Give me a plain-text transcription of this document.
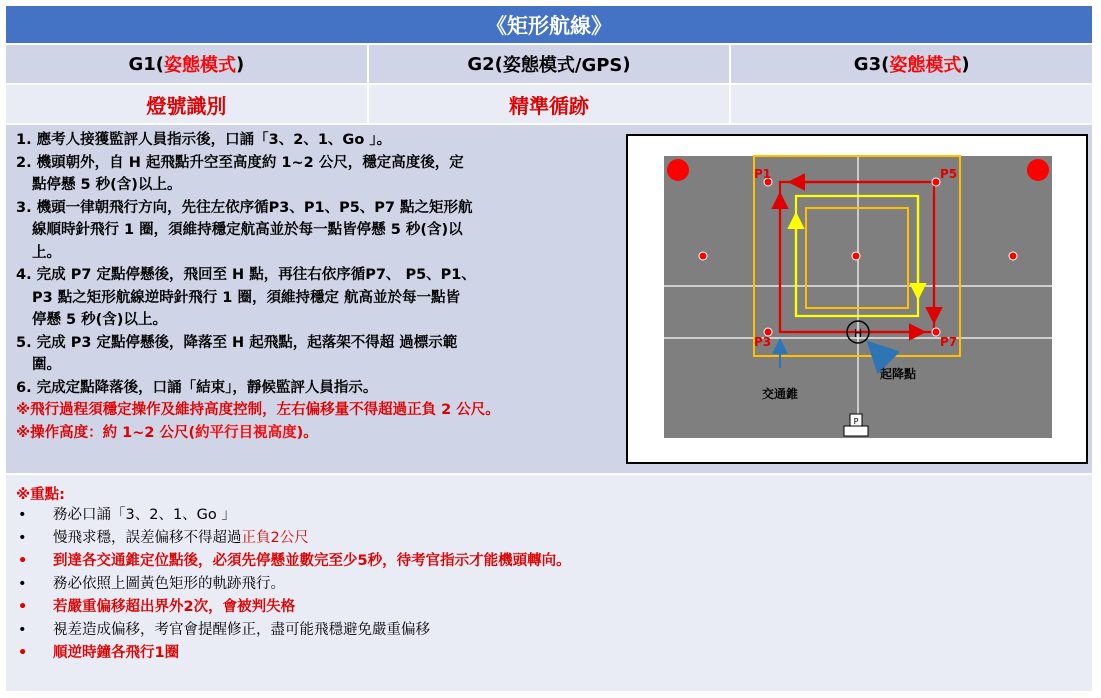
《矩形航線》
G1( 姿態模式 )	G2( 姿態模式/GPS )	G3( 姿態模式 )
燈號識別	精準循跡

1. 應考人接獲監評人員指示後，口誦「3、2、1、Go 」。

2. 機頭朝外，自 H 起飛點升空至高度約 1~2 公尺，穩定高度後，定

點停懸 5 秒(含)以上。

3. 機頭一律朝飛行方向，先往左依序循P3、P1、P5、P7 點之矩形航

線順時針飛行 1 圈，須維持穩定航高並於每一點皆停懸 5 秒(含)以

上。

4. 完成 P7 定點停懸後，飛回至 H 點，再往右依序循P7、 P5、P1、

P3 點之矩形航線逆時針飛行 1 圈，須維持穩定 航高並於每一點皆

停懸 5 秒(含)以上。

5. 完成 P3 定點停懸後，降落至 H 起飛點，起落架不得超 過標示範

圍。

6. 完成定點降落後，口誦「結束」，靜候監評人員指示。

※飛行過程須穩定操作及維持高度控制，左右偏移量不得超過正負 2 公尺。

※操作高度：約 1~2 公尺(約平行目視高度)。

H
P1	P5
P3	P7
交通錐
起降點
P
※重點:
• 務必口誦「3、2、1、Go 」
• 慢飛求穩，誤差偏移不得超過正負2公尺
• 到達各交通錐定位點後，必須先停懸並數完至少5秒，待考官指示才能機頭轉向。
• 務必依照上圖黃色矩形的軌跡飛行。
• 若嚴重偏移超出界外2次，會被判失格
• 視差造成偏移，考官會提醒修正，盡可能飛穩避免嚴重偏移
• 順逆時鐘各飛行1圈
